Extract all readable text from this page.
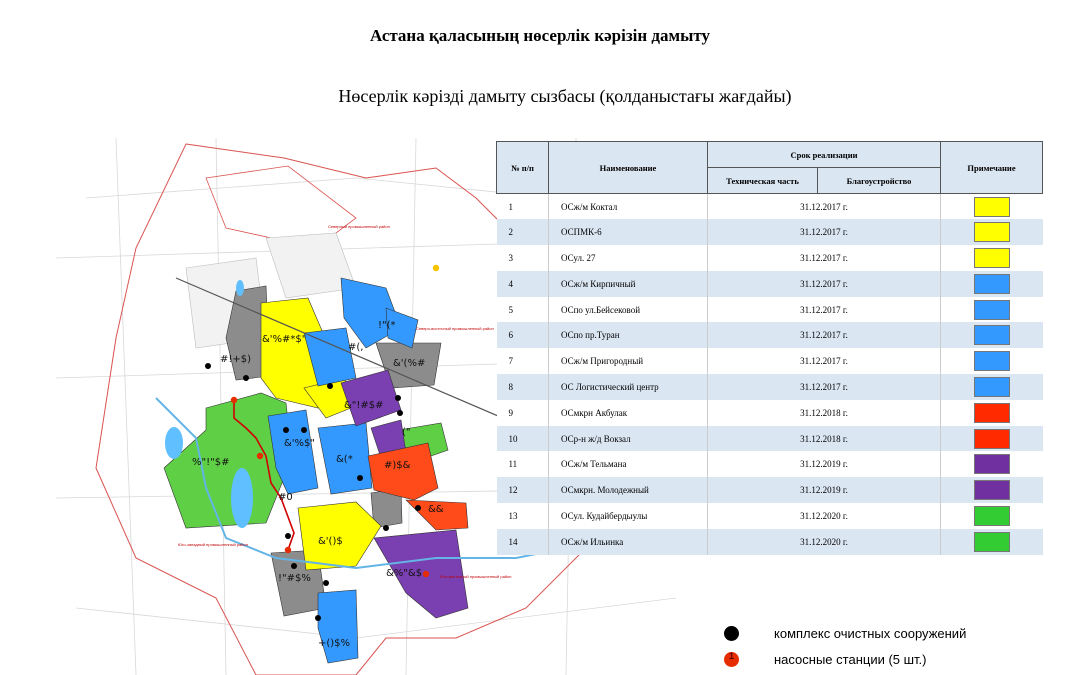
Астана қаласының нөсерлік кәрізін дамыту
Нөсерлік кәрізді дамыту сызбасы (қолданыстағы жағдайы)
#!+$)
&'%#*$"
!"(*
#(,
&'(%#
&"!#$#
%"!"$#
&'%$"
&(*
#)$&
&&
#0
&'()$
!"#$%	&%"&$
+()$%
("
Северный промышленный район
Северо-восточный промышленный район
Юго-западный промышленный район
Юго-восточный промышленный район
№ п/п	Наименование	Срок реализации		Примечание
		Техническая часть	Благоустройство	
1	ОСж/м Коктал	31.12.2017 г.		
2	ОСПМК-6	31.12.2017 г.		
3	ОСул. 27	31.12.2017 г.		
4	ОСж/м Кирпичный	31.12.2017 г.		
5	ОСпо ул.Бейсековой	31.12.2017 г.		
6	ОСпо пр.Туран	31.12.2017 г.		
7	ОСж/м Пригородный	31.12.2017 г.		
8	ОС Логистический центр	31.12.2017 г.		
9	ОСмкрн Акбулак	31.12.2018 г.		
10	ОСр-н ж/д Вокзал	31.12.2018 г.		
11	ОСж/м Тельмана	31.12.2019 г.		
12	ОСмкрн. Молодежный	31.12.2019 г.		
13	ОСул. Кудайбердыулы	31.12.2020 г.		
14	ОСж/м Ильинка	31.12.2020 г.		
комплекс очистных сооружений
1	насосные станции (5 шт.)
